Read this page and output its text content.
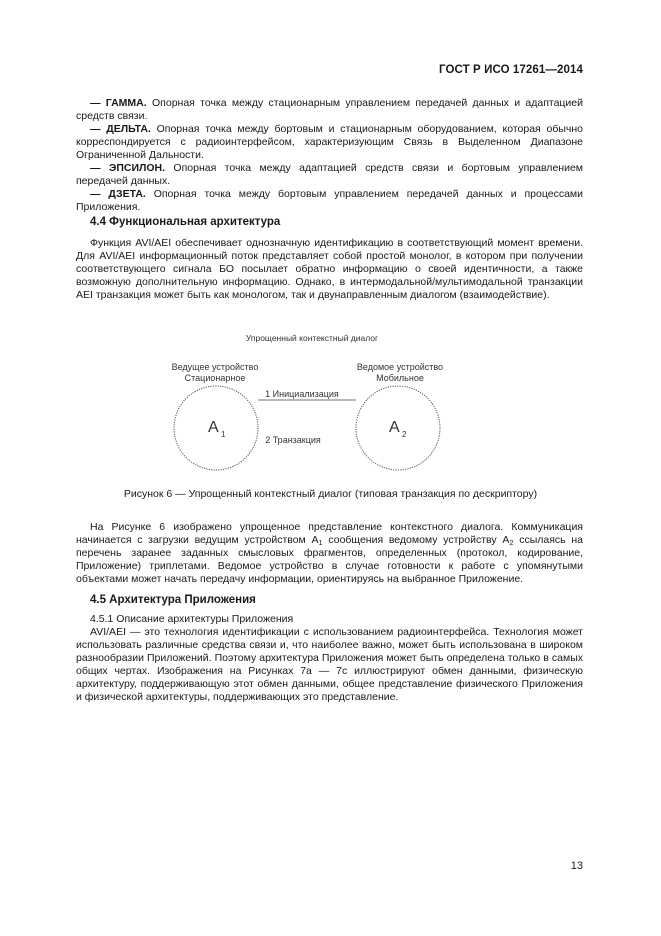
ГОСТ Р ИСО 17261—2014

— ГАММА. Опорная точка между стационарным управлением передачей данных и адаптацией средств связи.

— ДЕЛЬТА. Опорная точка между бортовым и стационарным оборудованием, которая обычно корреспондируется с радиоинтерфейсом, характеризующим Связь в Выделенном Диапазоне Ограниченной Дальности.

— ЭПСИЛОН. Опорная точка между адаптацией средств связи и бортовым управлением передачей данных.

— ДЗЕТА. Опорная точка между бортовым управлением передачей данных и процессами Приложения.

4.4 Функциональная архитектура

Функция AVI/AEI обеспечивает однозначную идентификацию в соответствующий момент времени. Для AVI/AEI информационный поток представляет собой простой монолог, в котором при получении соответствующего сигнала БО посылает обратно информацию о своей идентичности, а также возможную дополнительную информацию. Однако, в интермодальной/мультимодальной транзакции AEI транзакция может быть как монологом, так и двунаправленным диалогом (взаимодействие).

Упрощенный контекстный диалог
Ведущее устройство
Стационарное
Ведомое устройство
Мобильное
1 Инициализация
2 Транзакция
A 1	A 2
Рисунок 6 — Упрощенный контекстный диалог (типовая транзакция по дескриптору)

На Рисунке 6 изображено упрощенное представление контекстного диалога. Коммуникация начинается с загрузки ведущим устройством $A_1$ сообщения ведомому устройству $A_2$ ссылаясь на перечень заранее заданных смысловых фрагментов, определенных (протокол, кодирование, Приложение) триплетами. Ведомое устройство в случае готовности к работе с упомянутыми объектами может начать передачу информации, ориентируясь на выбранное Приложение.

4.5 Архитектура Приложения

4.5.1 Описание архитектуры Приложения

AVI/AEI — это технология идентификации с использованием радиоинтерфейса. Технология может использовать различные средства связи и, что наиболее важно, может быть использована в широком разнообразии Приложений. Поэтому архитектура Приложения может быть определена только в самых общих чертах. Изображения на Рисунках 7а — 7с иллюстрируют обмен данными, физическую архитектуру, поддерживающую этот обмен данными, общее представление физического Приложения и физической архитектуры, поддерживающих это представление.

13
